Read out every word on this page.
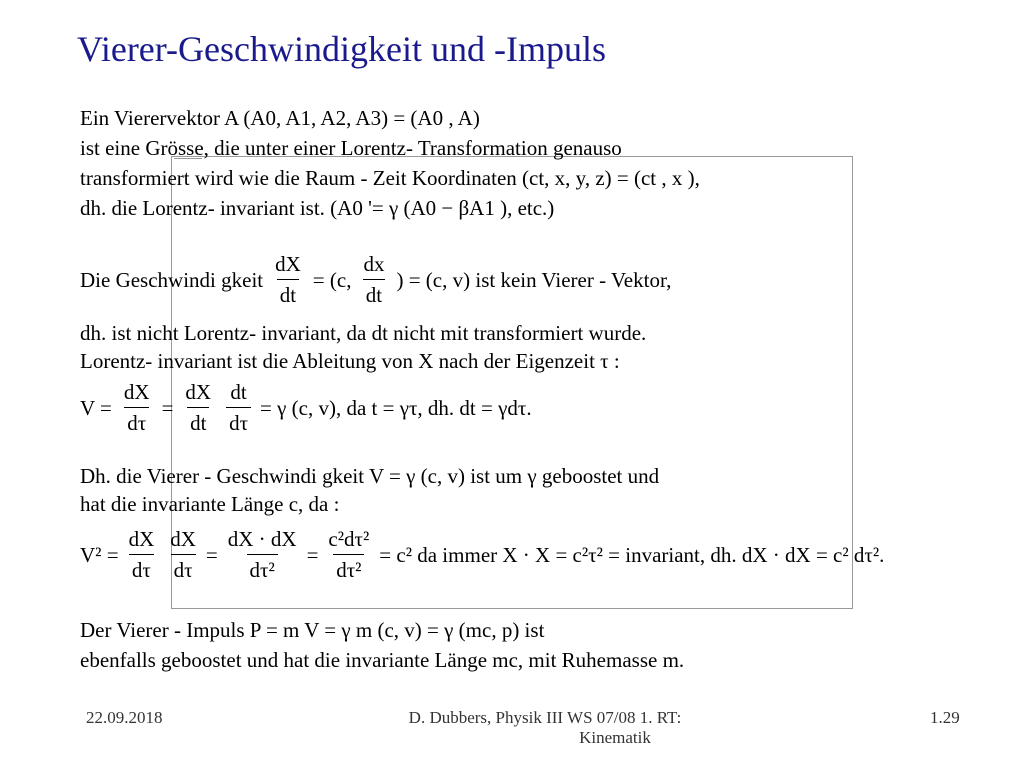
Vierer-Geschwindigkeit und -Impuls
Ein Vierervektor A (A0, A1, A2, A3) = (A0 , A)
ist eine Grösse, die unter einer Lorentz- Transformation genauso
transformiert wird wie die Raum - Zeit Koordinaten (ct, x, y, z) = (ct , x ),
dh. die Lorentz- invariant ist. (A0 '= γ (A0 − βA1 ), etc.)
Die Geschwindi gkeit $\frac{dX}{dt} = (c$, $\frac{dx}{dt}$ ) = (c, v) ist kein Vierer - Vektor,
dh. ist nicht Lorentz- invariant, da dt nicht mit transformiert wurde.
Lorentz- invariant ist die Ableitung von X nach der Eigenzeit τ :
$V = \frac{dX}{d\tau} = \frac{dX}{dt} \frac{dt}{d\tau} = \gamma$ (c, v), da t = γτ, dh. dt = γdτ.
Dh. die Vierer - Geschwindi gkeit V = γ (c, v) ist um γ geboostet und
hat die invariante Länge c, da :
$V^2 = \frac{dX}{d\tau} \frac{dX}{d\tau} = \frac{dX \cdot dX}{\text{dτ²}} = \frac{\text{c²dτ²}}{\text{dτ²}} = c^2$ da immer X · X = c²τ² = invariant, dh. dX · dX = c² dτ².
Der Vierer - Impuls P = m V = γ m (c, v) = γ (mc, p) ist
ebenfalls geboostet und hat die invariante Länge mc, mit Ruhemasse m.
22.09.2018	D. Dubbers, Physik III WS 07/08 1. RT:
Kinematik
1.29
